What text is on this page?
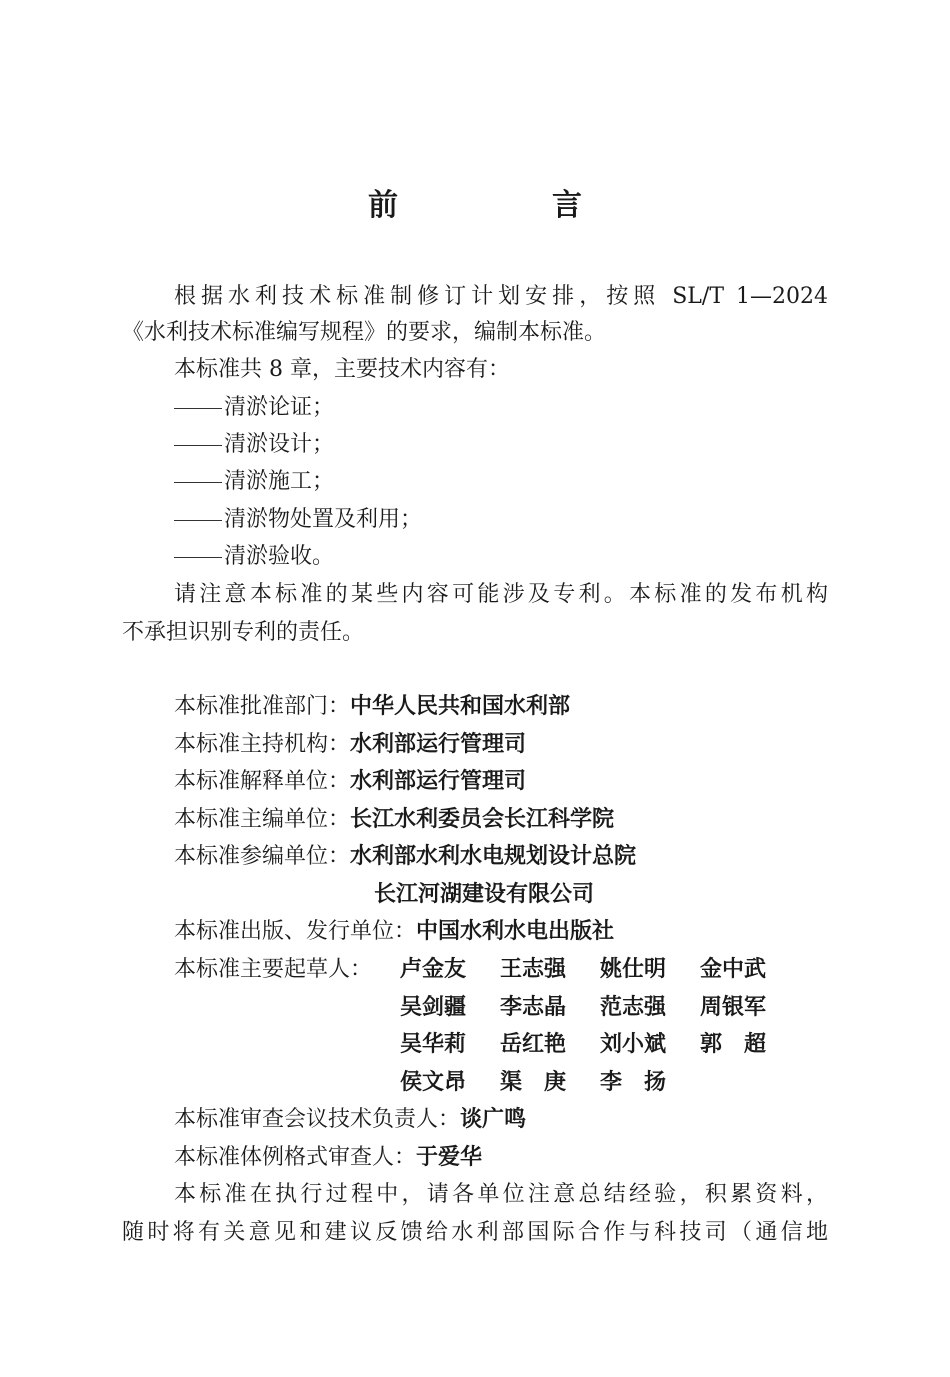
前　言
根据水利技术标准制修订计划安排，按照 SL/T 1—2024
《水利技术标准编写规程》的要求，编制本标准。
本标准共 8 章，主要技术内容有：
清淤论证；
清淤设计；
清淤施工；
清淤物处置及利用；
清淤验收。
请注意本标准的某些内容可能涉及专利。本标准的发布机构
不承担识别专利的责任。
本标准批准部门：中华人民共和国水利部
本标准主持机构：水利部运行管理司
本标准解释单位：水利部运行管理司
本标准主编单位：长江水利委员会长江科学院
本标准参编单位：水利部水利水电规划设计总院
长江河湖建设有限公司
本标准出版、发行单位：中国水利水电出版社
本标准主要起草人：	卢金友 王志强 姚仕明 金中武
吴剑疆 李志晶 范志强 周银军
吴华莉 岳红艳 刘小斌 郭　超
侯文昂 渠　庚 李　扬
本标准审查会议技术负责人：谈广鸣
本标准体例格式审查人：于爱华
本标准在执行过程中，请各单位注意总结经验，积累资料，
随时将有关意见和建议反馈给水利部国际合作与科技司（通信地
